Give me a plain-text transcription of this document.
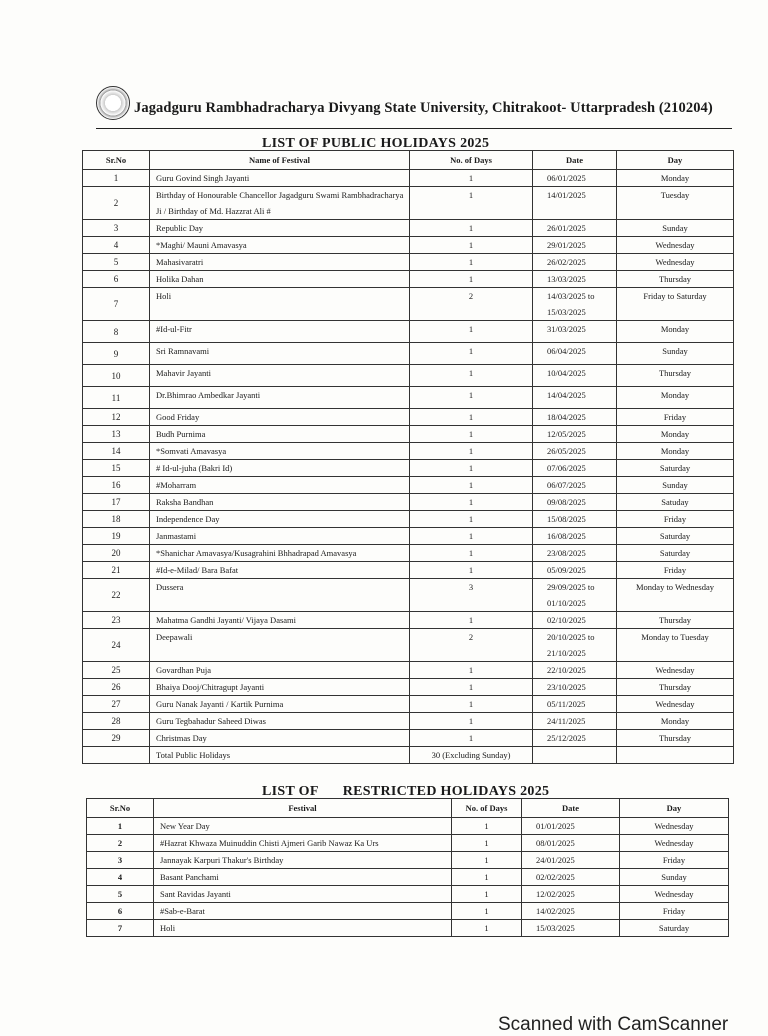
Jagadguru Rambhadracharya Divyang State University, Chitrakoot- Uttarpradesh (210204)
LIST OF PUBLIC HOLIDAYS 2025
Sr.No	Name of Festival	No. of Days	Date	Day
1	Guru Govind Singh Jayanti	1	06/01/2025	Monday
2	Birthday of Honourable Chancellor Jagadguru Swami Rambhadracharya Ji / Birthday of Md. Hazzrat Ali #	1	14/01/2025	Tuesday
3	Republic Day	1	26/01/2025	Sunday
4	*Maghi/ Mauni Amavasya	1	29/01/2025	Wednesday
5	Mahasivaratri	1	26/02/2025	Wednesday
6	Holika Dahan	1	13/03/2025	Thursday
7	Holi	2	14/03/2025 to 15/03/2025	Friday to Saturday
8	#Id-ul-Fitr	1	31/03/2025	Monday
9	Sri Ramnavami	1	06/04/2025	Sunday
10	Mahavir Jayanti	1	10/04/2025	Thursday
11	Dr.Bhimrao Ambedkar Jayanti	1	14/04/2025	Monday
12	Good Friday	1	18/04/2025	Friday
13	Budh Purnima	1	12/05/2025	Monday
14	*Somvati Amavasya	1	26/05/2025	Monday
15	# Id-ul-juha (Bakri Id)	1	07/06/2025	Saturday
16	#Moharram	1	06/07/2025	Sunday
17	Raksha Bandhan	1	09/08/2025	Satuday
18	Independence Day	1	15/08/2025	Friday
19	Janmastami	1	16/08/2025	Saturday
20	*Shanichar Amavasya/Kusagrahini Bhhadrapad Amavasya	1	23/08/2025	Saturday
21	#Id-e-Milad/ Bara Bafat	1	05/09/2025	Friday
22	Dussera	3	29/09/2025 to 01/10/2025	Monday to Wednesday
23	Mahatma Gandhi Jayanti/ Vijaya Dasami	1	02/10/2025	Thursday
24	Deepawali	2	20/10/2025 to 21/10/2025	Monday to Tuesday
25	Govardhan Puja	1	22/10/2025	Wednesday
26	Bhaiya Dooj/Chitragupt Jayanti	1	23/10/2025	Thursday
27	Guru Nanak Jayanti / Kartik Purnima	1	05/11/2025	Wednesday
28	Guru Tegbahadur Saheed Diwas	1	24/11/2025	Monday
29	Christmas Day	1	25/12/2025	Thursday
	Total Public Holidays	30 (Excluding Sunday)		
LIST OF RESTRICTED HOLIDAYS 2025
Sr.No	Festival	No. of Days	Date	Day
1	New Year Day	1	01/01/2025	Wednesday
2	#Hazrat Khwaza Muinuddin Chisti Ajmeri Garib Nawaz Ka Urs	1	08/01/2025	Wednesday
3	Jannayak Karpuri Thakur's Birthday	1	24/01/2025	Friday
4	Basant Panchami	1	02/02/2025	Sunday
5	Sant Ravidas Jayanti	1	12/02/2025	Wednesday
6	#Sab-e-Barat	1	14/02/2025	Friday
7	Holi	1	15/03/2025	Saturday
Scanned with CamScanner
